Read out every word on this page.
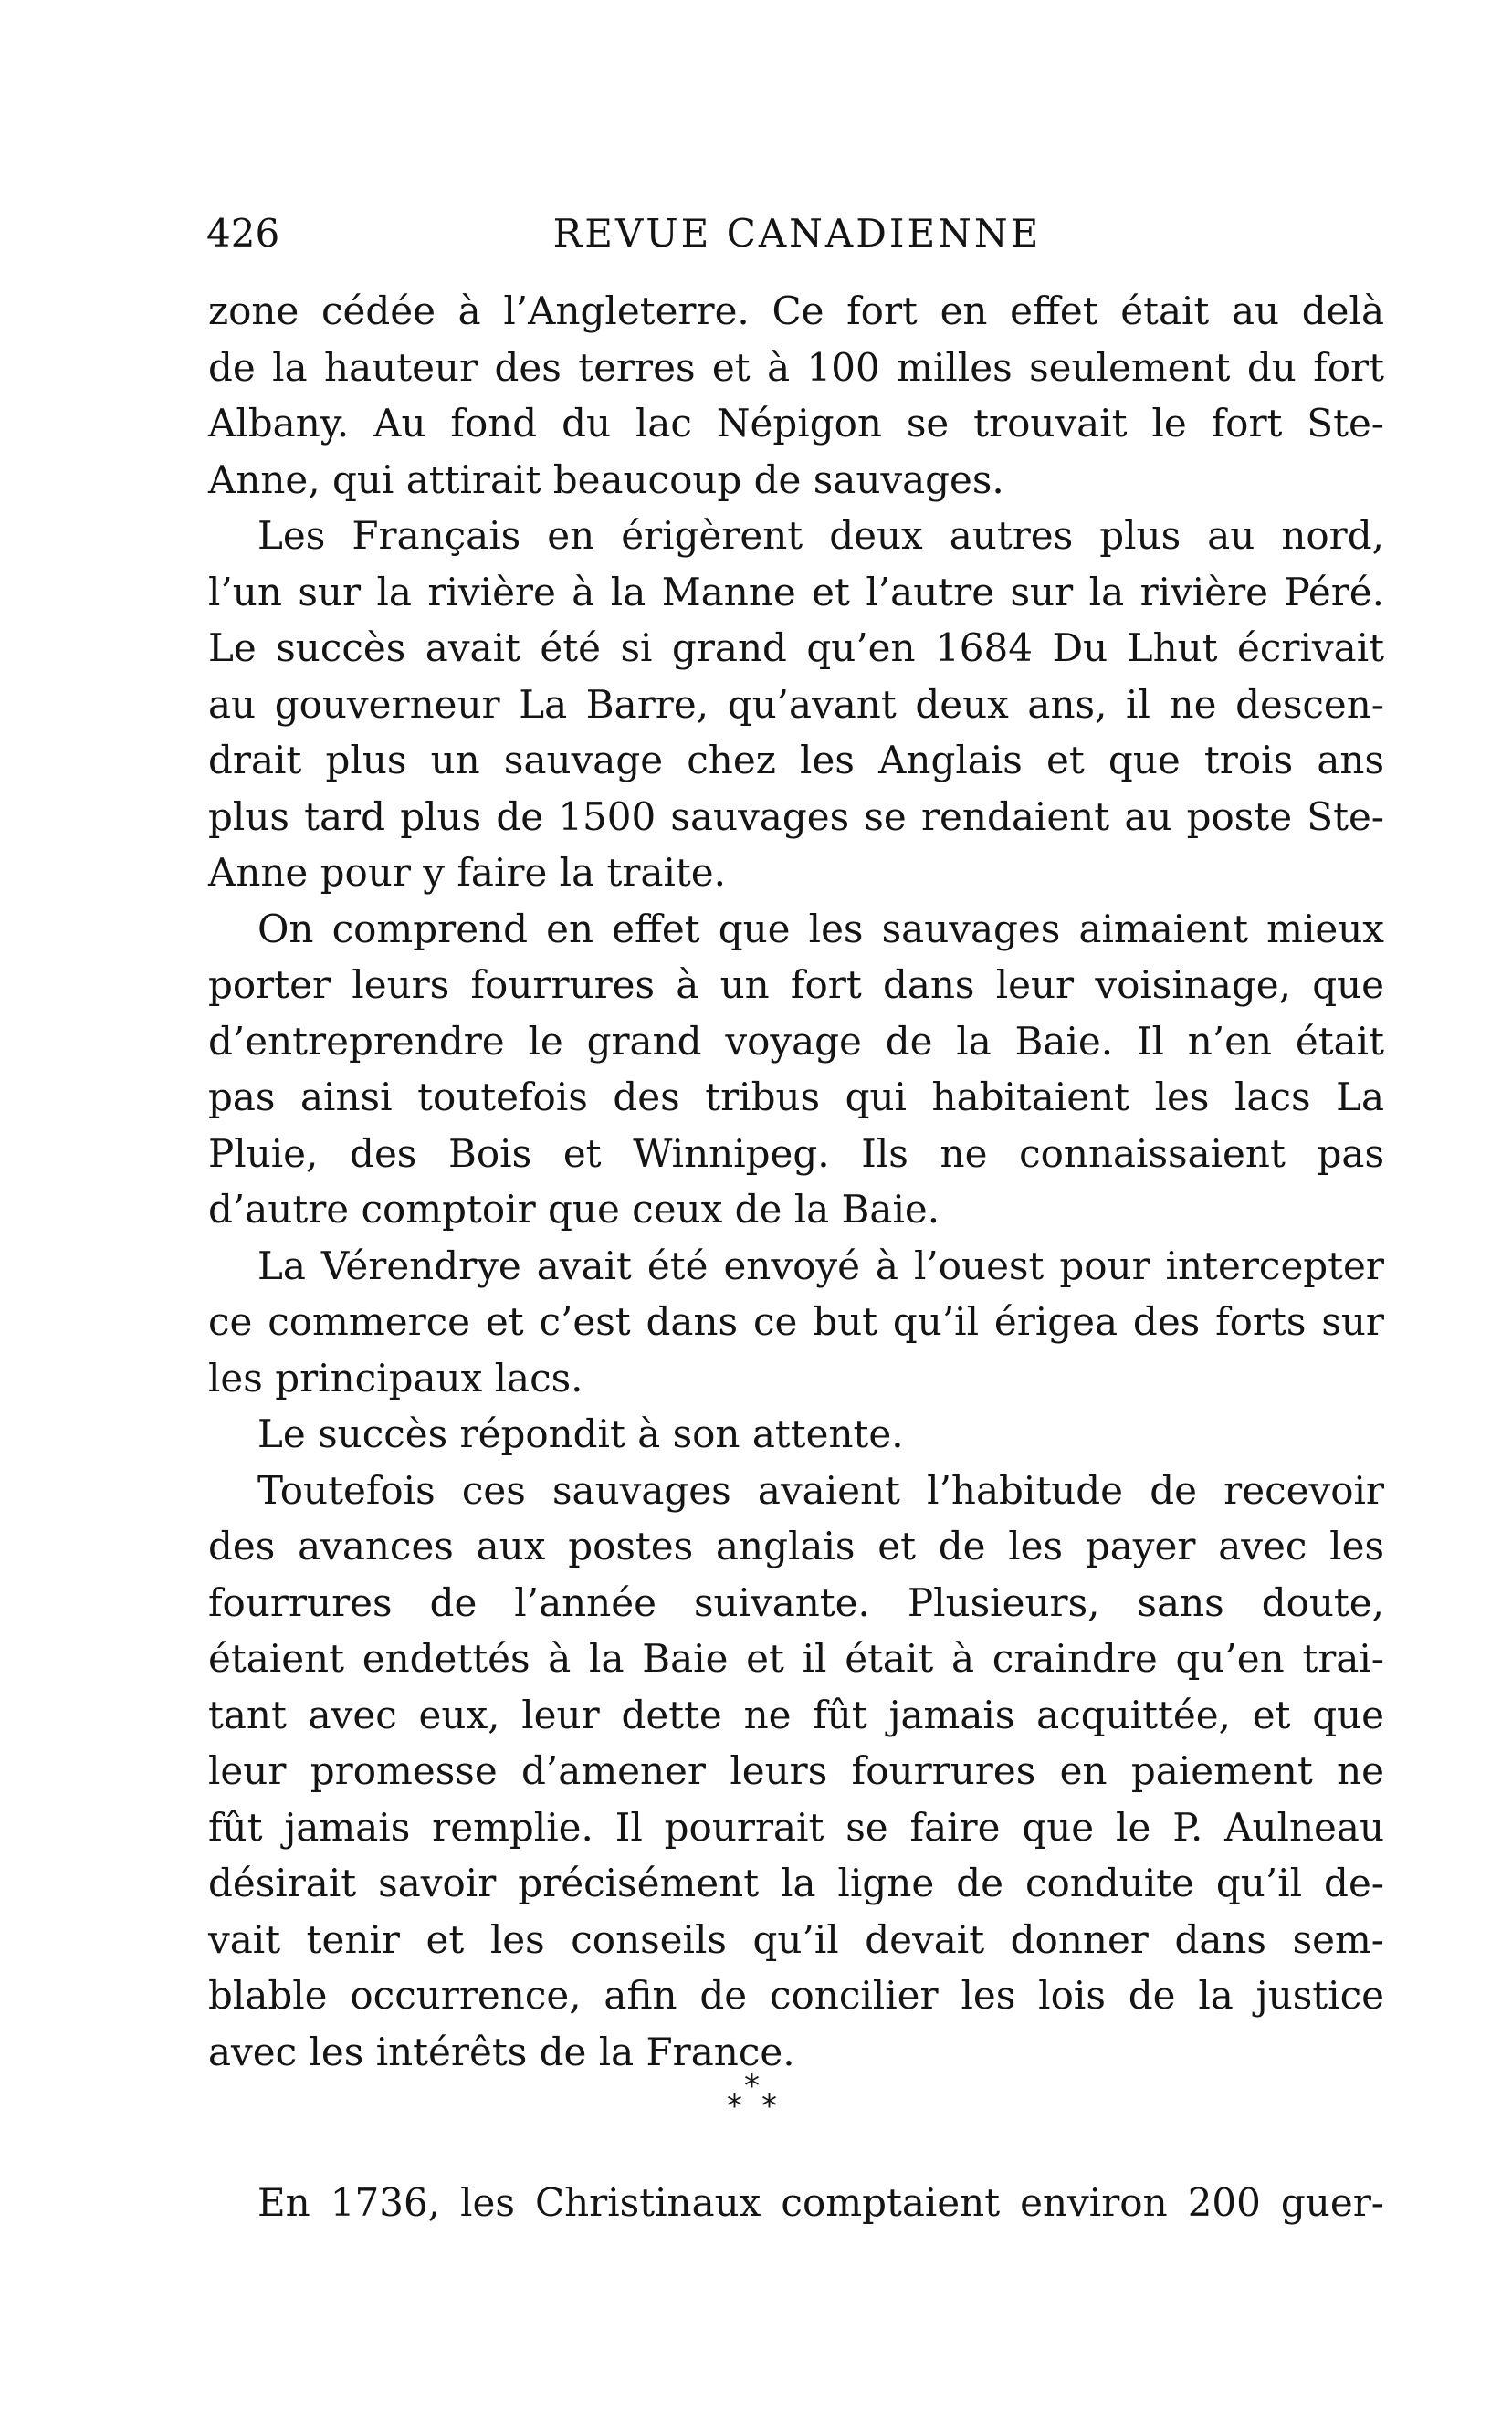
426	REVUE CANADIENNE
zone cédée à l’Angleterre. Ce fort en effet était au delà
de la hauteur des terres et à 100 milles seulement du fort
Albany. Au fond du lac Népigon se trouvait le fort Ste-
Anne, qui attirait beaucoup de sauvages.
Les Français en érigèrent deux autres plus au nord,
l’un sur la rivière à la Manne et l’autre sur la rivière Péré.
Le succès avait été si grand qu’en 1684 Du Lhut écrivait
au gouverneur La Barre, qu’avant deux ans, il ne descen-
drait plus un sauvage chez les Anglais et que trois ans
plus tard plus de 1500 sauvages se rendaient au poste Ste-
Anne pour y faire la traite.
On comprend en effet que les sauvages aimaient mieux
porter leurs fourrures à un fort dans leur voisinage, que
d’entreprendre le grand voyage de la Baie. Il n’en était
pas ainsi toutefois des tribus qui habitaient les lacs La
Pluie, des Bois et Winnipeg. Ils ne connaissaient pas
d’autre comptoir que ceux de la Baie.
La Vérendrye avait été envoyé à l’ouest pour intercepter
ce commerce et c’est dans ce but qu’il érigea des forts sur
les principaux lacs.
Le succès répondit à son attente.
Toutefois ces sauvages avaient l’habitude de recevoir
des avances aux postes anglais et de les payer avec les
fourrures de l’année suivante. Plusieurs, sans doute,
étaient endettés à la Baie et il était à craindre qu’en trai-
tant avec eux, leur dette ne fût jamais acquittée, et que
leur promesse d’amener leurs fourrures en paiement ne
fût jamais remplie. Il pourrait se faire que le P. Aulneau
désirait savoir précisément la ligne de conduite qu’il de-
vait tenir et les conseils qu’il devait donner dans sem-
blable occurrence, afin de concilier les lois de la justice
avec les intérêts de la France.
*
* *
En 1736, les Christinaux comptaient environ 200 guer-
